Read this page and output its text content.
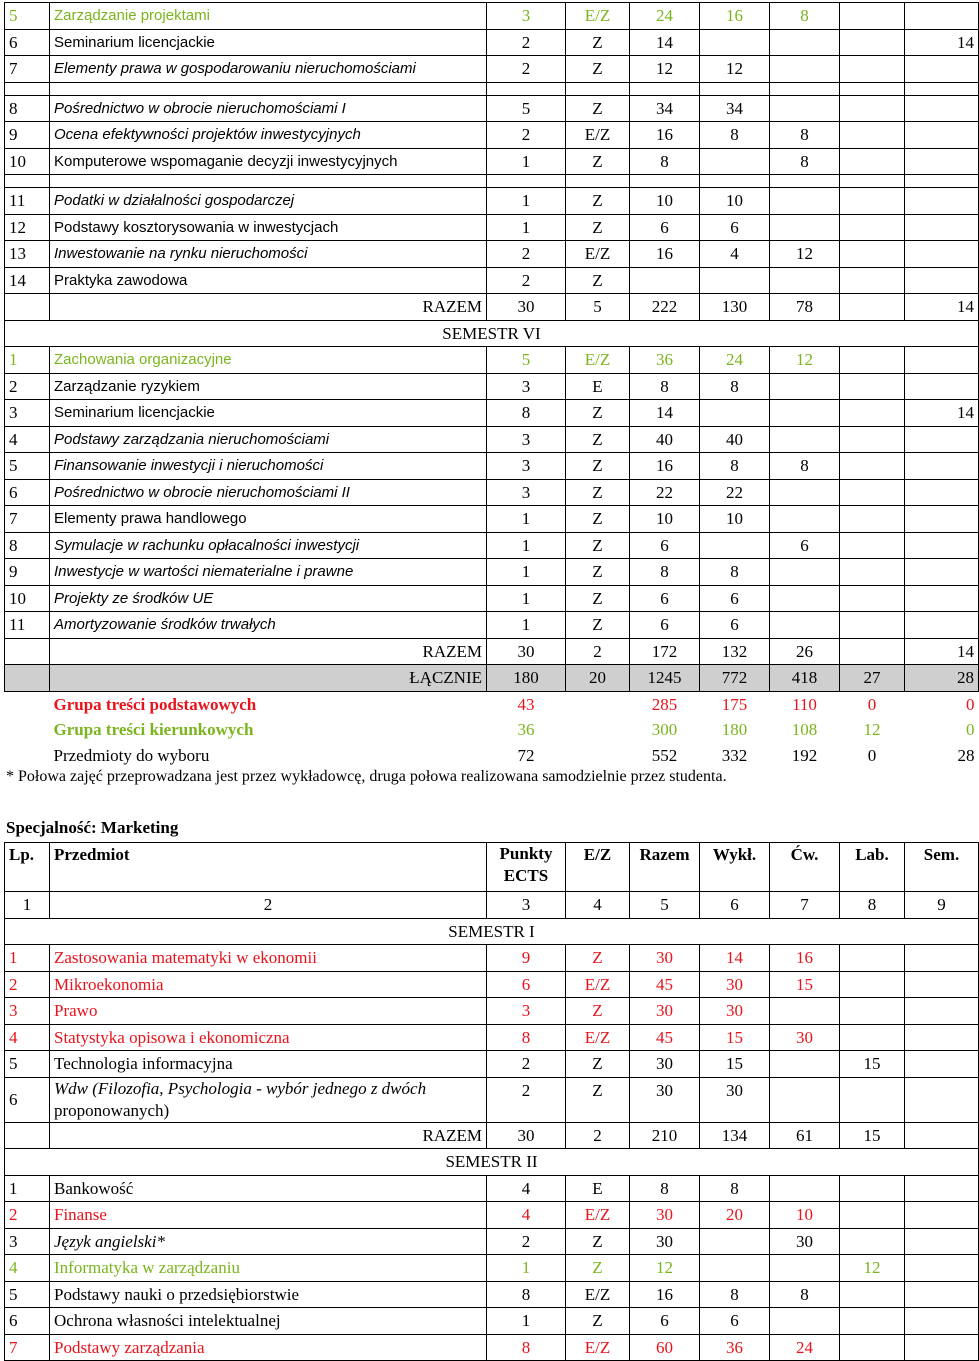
5	Zarządzanie projektami	3	E/Z	24	16	8		
6	Seminarium licencjackie	2	Z	14				14
7	Elementy prawa w gospodarowaniu nieruchomościami	2	Z	12	12			

8	Pośrednictwo w obrocie nieruchomościami I	5	Z	34	34			
9	Ocena efektywności projektów inwestycyjnych	2	E/Z	16	8	8		
10	Komputerowe wspomaganie decyzji inwestycyjnych	1	Z	8		8		

11	Podatki w działalności gospodarczej	1	Z	10	10			
12	Podstawy kosztorysowania w inwestycjach	1	Z	6	6			
13	Inwestowanie na rynku nieruchomości	2	E/Z	16	4	12		
14	Praktyka zawodowa	2	Z					
	RAZEM	30	5	222	130	78		14
SEMESTR VI								
1	Zachowania organizacyjne	5	E/Z	36	24	12		
2	Zarządzanie ryzykiem	3	E	8	8			
3	Seminarium licencjackie	8	Z	14				14
4	Podstawy zarządzania nieruchomościami	3	Z	40	40			
5	Finansowanie inwestycji i nieruchomości	3	Z	16	8	8		
6	Pośrednictwo w obrocie nieruchomościami II	3	Z	22	22			
7	Elementy prawa handlowego	1	Z	10	10			
8	Symulacje w rachunku opłacalności inwestycji	1	Z	6		6		
9	Inwestycje w wartości niematerialne i prawne	1	Z	8	8			
10	Projekty ze środków UE	1	Z	6	6			
11	Amortyzowanie środków trwałych	1	Z	6	6			
	RAZEM	30	2	172	132	26		14
	ŁĄCZNIE	180	20	1245	772	418	27	28
	Grupa treści podstawowych	43		285	175	110	0	0
	Grupa treści kierunkowych	36		300	180	108	12	0
	Przedmioty do wyboru	72		552	332	192	0	28
* Połowa zajęć przeprowadzana jest przez wykładowcę, druga połowa realizowana samodzielnie przez studenta.
Specjalność: Marketing
Lp.	Przedmiot	Punkty ECTS	E/Z	Razem	Wykł.	Ćw.	Lab.	Sem.
1	2	3	4	5	6	7	8	9
SEMESTR I								
1	Zastosowania matematyki w ekonomii	9	Z	30	14	16		
2	Mikroekonomia	6	E/Z	45	30	15		
3	Prawo	3	Z	30	30			
4	Statystyka opisowa i ekonomiczna	8	E/Z	45	15	30		
5	Technologia informacyjna	2	Z	30	15		15	
6	Wdw (Filozofia, Psychologia - wybór jednego z dwóch
proponowanych)	2	Z	30	30			
	RAZEM	30	2	210	134	61	15	
SEMESTR II								
1	Bankowość	4	E	8	8			
2	Finanse	4	E/Z	30	20	10		
3	Język angielski*	2	Z	30		30		
4	Informatyka w zarządzaniu	1	Z	12			12	
5	Podstawy nauki o przedsiębiorstwie	8	E/Z	16	8	8		
6	Ochrona własności intelektualnej	1	Z	6	6			
7	Podstawy zarządzania	8	E/Z	60	36	24		
